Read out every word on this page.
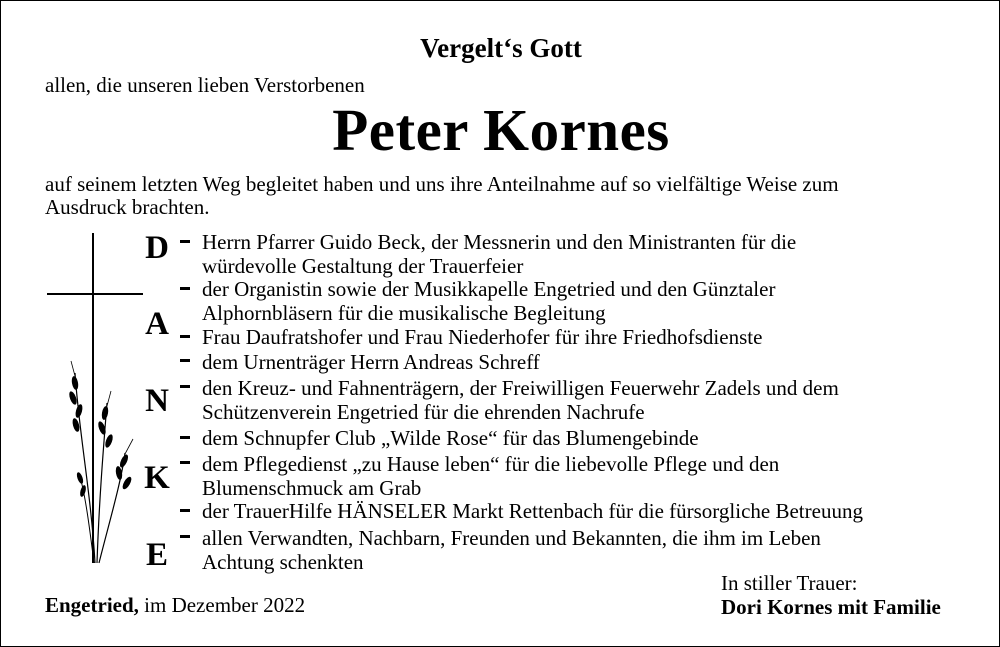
Vergelt‘s Gott
allen, die unseren lieben Verstorbenen
Peter Kornes
auf seinem letzten Weg begleitet haben und uns ihre Anteilnahme auf so vielfältige Weise zum
Ausdruck brachten.
D
A
N
K
E
Herrn Pfarrer Guido Beck, der Messnerin und den Ministranten für die
würdevolle Gestaltung der Trauerfeier
der Organistin sowie der Musikkapelle Engetried und den Günztaler
Alphornbläsern für die musikalische Begleitung
Frau Daufratshofer und Frau Niederhofer für ihre Friedhofsdienste
dem Urnenträger Herrn Andreas Schreff
den Kreuz- und Fahnenträgern, der Freiwilligen Feuerwehr Zadels und dem
Schützenverein Engetried für die ehrenden Nachrufe
dem Schnupfer Club „Wilde Rose“ für das Blumengebinde
dem Pflegedienst „zu Hause leben“ für die liebevolle Pflege und den
Blumenschmuck am Grab
der TrauerHilfe HÄNSELER Markt Rettenbach für die fürsorgliche Betreuung
allen Verwandten, Nachbarn, Freunden und Bekannten, die ihm im Leben
Achtung schenkten
Engetried, im Dezember 2022
In stiller Trauer:
Dori Kornes mit Familie
